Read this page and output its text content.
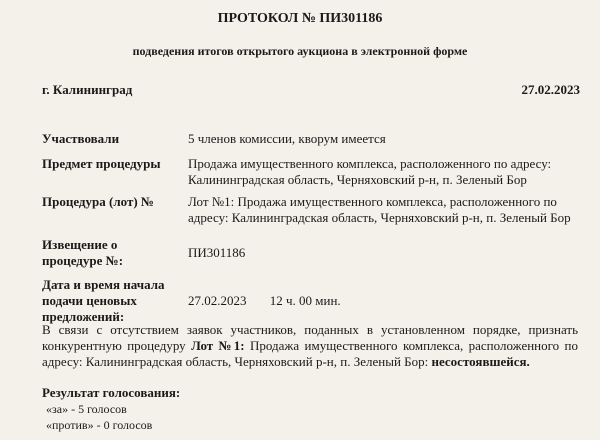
ПРОТОКОЛ № ПИ301186
подведения итогов открытого аукциона в электронной форме
г. Калининград	27.02.2023
Участвовали	5 членов комиссии, кворум имеется
Предмет процедуры	Продажа имущественного комплекса, расположенного по адресу: Калининградская область, Черняховский р-н, п. Зеленый Бор
Процедура (лот) №	Лот №1: Продажа имущественного комплекса, расположенного по адресу: Калининградская область, Черняховский р-н, п. Зеленый Бор
Извещение о процедуре №:
ПИ301186
Дата и время начала подачи ценовых предложений:
27.02.2023 12 ч. 00 мин.
В связи с отсутствием заявок участников, поданных в установленном порядке, признать конкурентную процедуру Лот №1: Продажа имущественного комплекса, расположенного по адресу: Калининградская область, Черняховский р-н, п. Зеленый Бор: несостоявшейся.
Результат голосования:
«за» - 5 голосов
«против» - 0 голосов
